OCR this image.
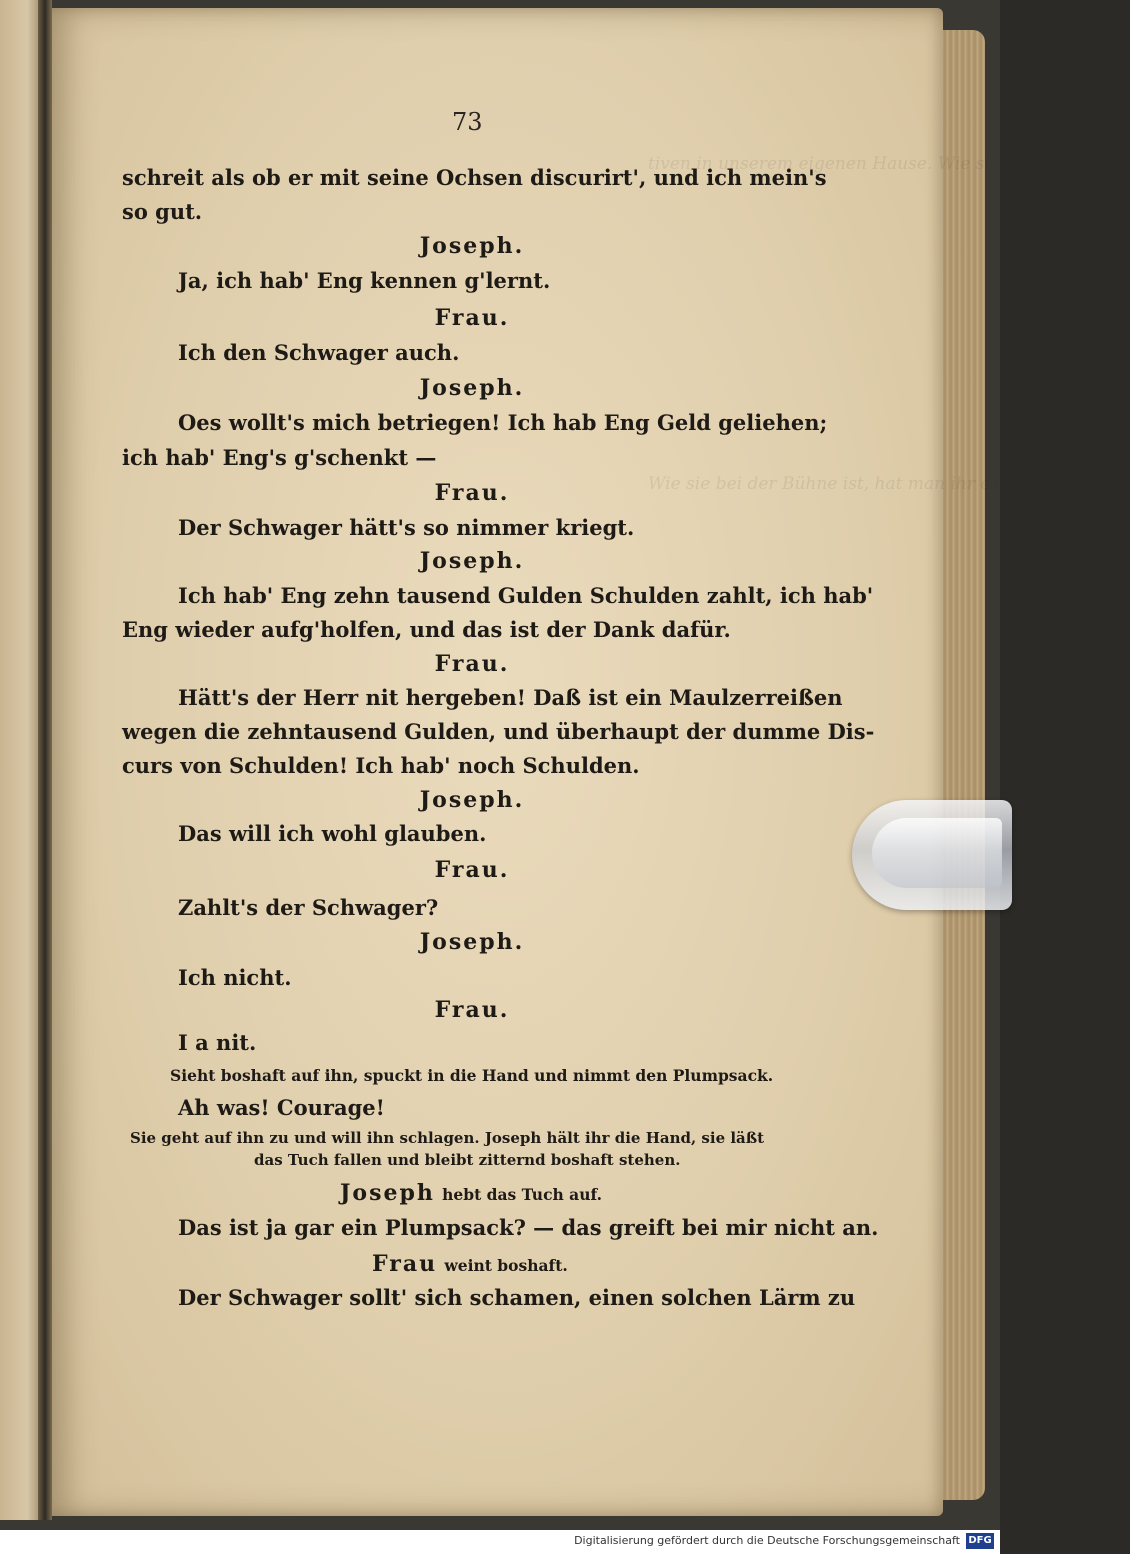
tiven in unserem eigenen Hause. Wie sieht es denn hier
Wie sie bei der Bühne ist, hat man ihr es nicht
73
schreit als ob er mit seine Ochsen discurirt', und ich mein's
so gut.
Joseph.
Ja, ich hab' Eng kennen g'lernt.
Frau.
Ich den Schwager auch.
Joseph.
Oes wollt's mich betriegen! Ich hab Eng Geld geliehen;
ich hab' Eng's g'schenkt —
Frau.
Der Schwager hätt's so nimmer kriegt.
Joseph.
Ich hab' Eng zehn tausend Gulden Schulden zahlt, ich hab'
Eng wieder aufg'holfen, und das ist der Dank dafür.
Frau.
Hätt's der Herr nit hergeben! Daß ist ein Maulzerreißen
wegen die zehntausend Gulden, und überhaupt der dumme Dis-
curs von Schulden! Ich hab' noch Schulden.
Joseph.
Das will ich wohl glauben.
Frau.
Zahlt's der Schwager?
Joseph.
Ich nicht.
Frau.
I a nit.
Sieht boshaft auf ihn, spuckt in die Hand und nimmt den Plumpsack.
Ah was! Courage!
Sie geht auf ihn zu und will ihn schlagen. Joseph hält ihr die Hand, sie läßt
das Tuch fallen und bleibt zitternd boshaft stehen.
Joseph hebt das Tuch auf.
Das ist ja gar ein Plumpsack? — das greift bei mir nicht an.
Frau weint boshaft.
Der Schwager sollt' sich schamen, einen solchen Lärm zu
Digitalisierung gefördert durch die Deutsche Forschungsgemeinschaft DFG
